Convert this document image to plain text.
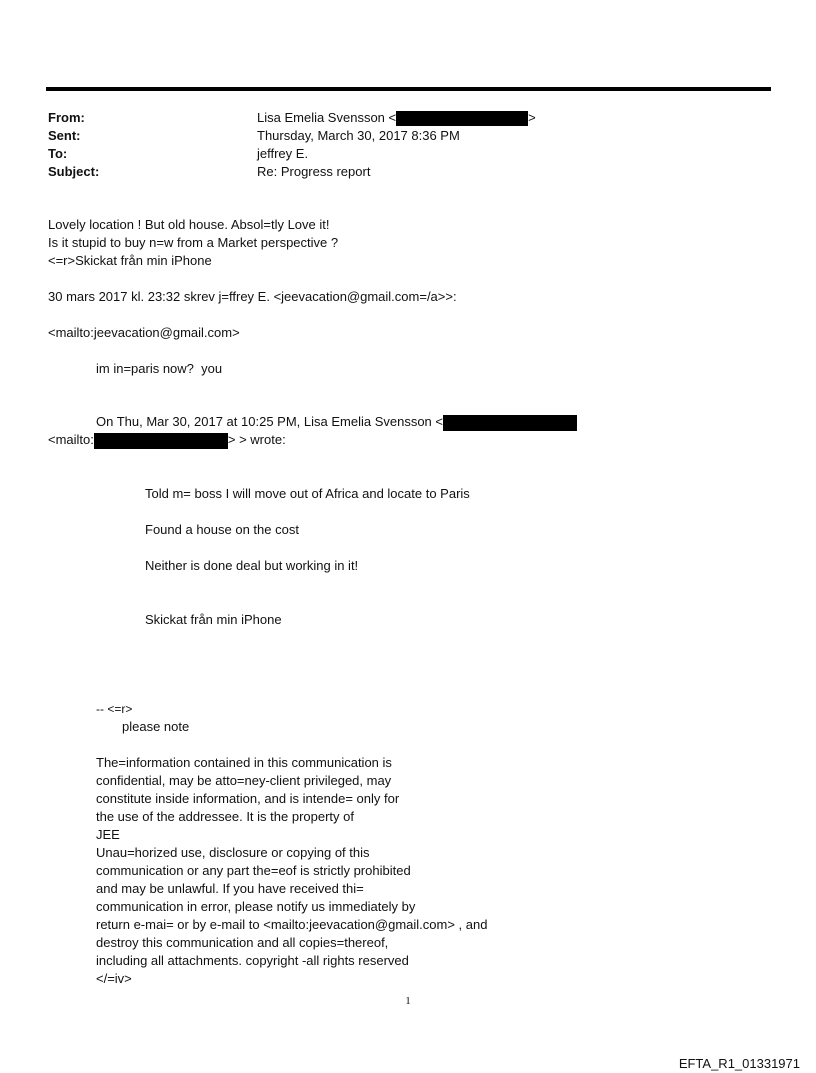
From:	Lisa Emelia Svensson <	>
Sent:	Thursday, March 30, 2017 8:36 PM
To:	jeffrey E.
Subject:	Re: Progress report
Lovely location ! But old house. Absol=tly Love it!
Is it stupid to buy n=w from a Market perspective ?
<=r>Skickat från min iPhone
30 mars 2017 kl. 23:32 skrev j=ffrey E. <jeevacation@gmail.com=/a>>:
<mailto:jeevacation@gmail.com>
im in=paris now?  you
On Thu, Mar 30, 2017 at 10:25 PM, Lisa Emelia Svensson <
<mailto:	> > wrote:
Told m= boss I will move out of Africa and locate to Paris
Found a house on the cost
Neither is done deal but working in it!
Skickat från min iPhone
-- <=r>
please note
The=information contained in this communication is
confidential, may be atto=ney-client privileged, may
constitute inside information, and is intende= only for
the use of the addressee. It is the property of
JEE
Unau=horized use, disclosure or copying of this
communication or any part the=eof is strictly prohibited
and may be unlawful. If you have received thi=
communication in error, please notify us immediately by
return e-mai= or by e-mail to <mailto:jeevacation@gmail.com> , and
destroy this communication and all copies=thereof,
including all attachments. copyright -all rights reserved
</=iv>
1
EFTA_R1_01331971
